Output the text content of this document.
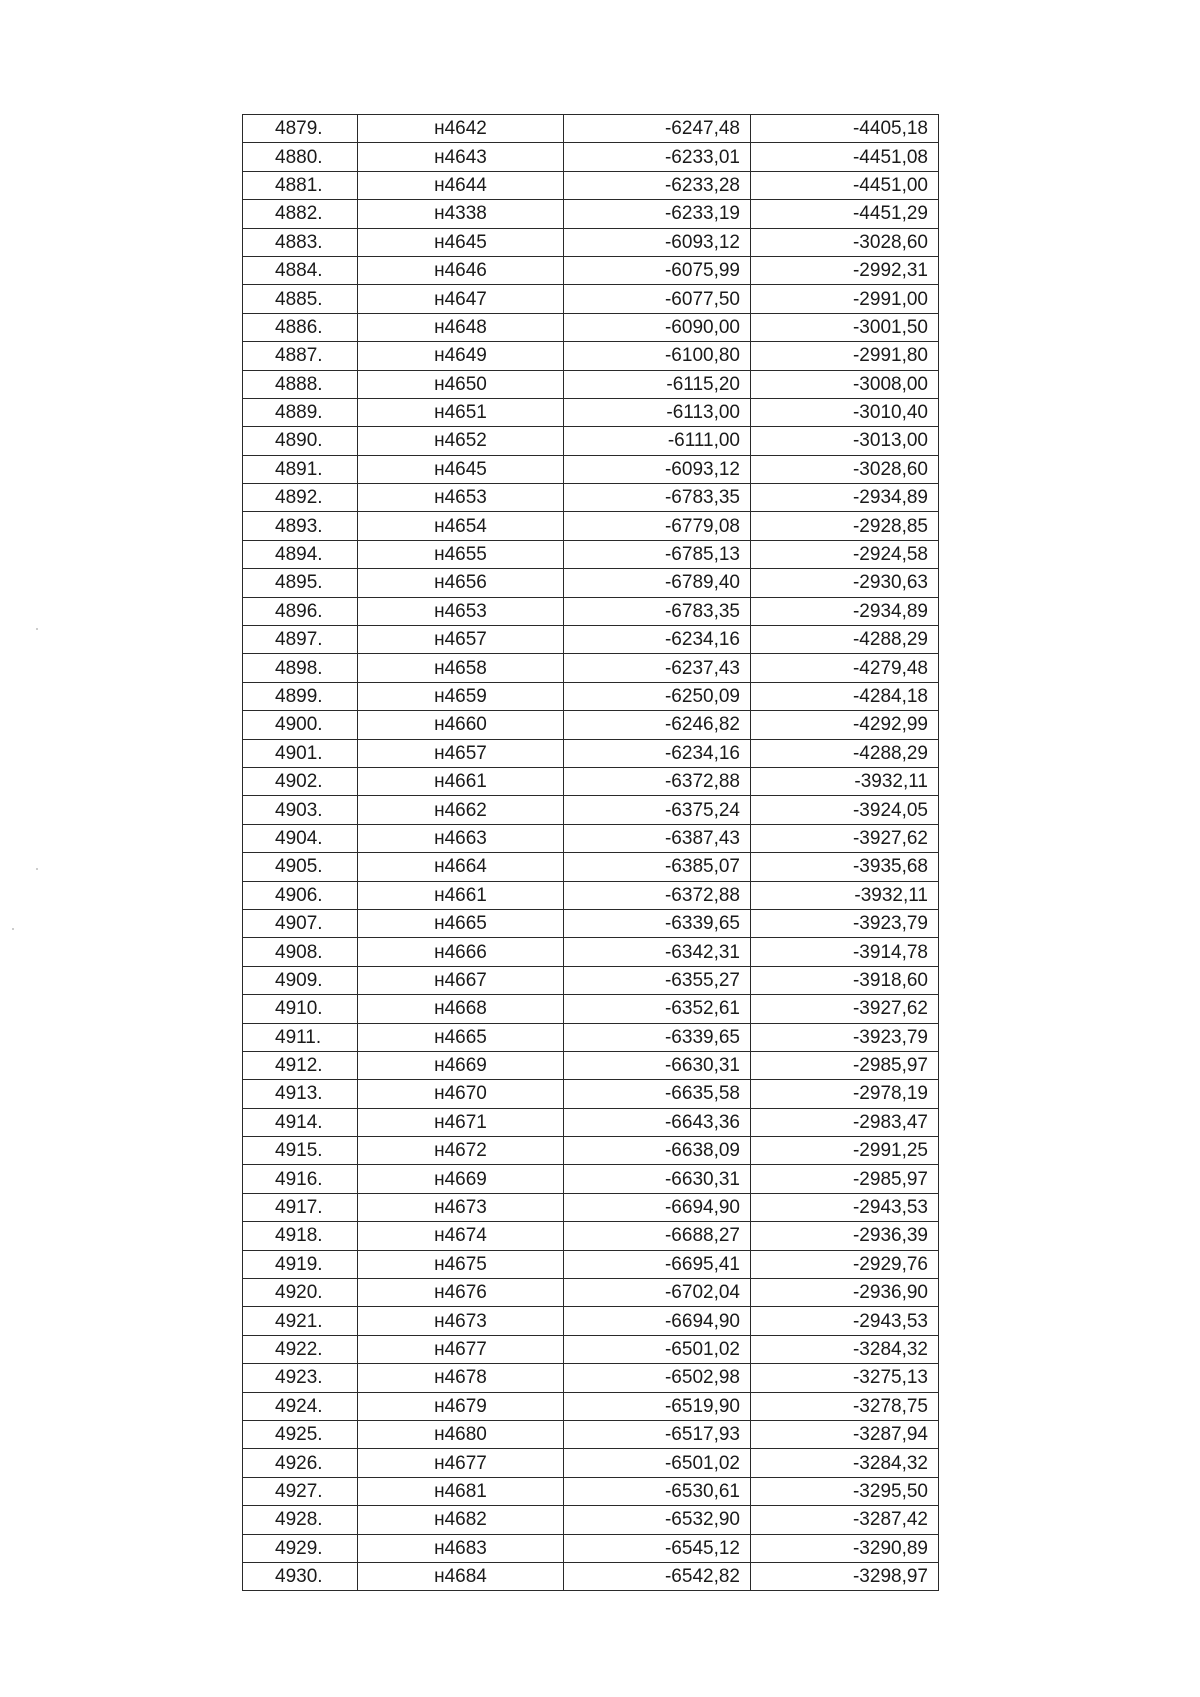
4879.	н4642	-6247,48	-4405,18
4880.	н4643	-6233,01	-4451,08
4881.	н4644	-6233,28	-4451,00
4882.	н4338	-6233,19	-4451,29
4883.	н4645	-6093,12	-3028,60
4884.	н4646	-6075,99	-2992,31
4885.	н4647	-6077,50	-2991,00
4886.	н4648	-6090,00	-3001,50
4887.	н4649	-6100,80	-2991,80
4888.	н4650	-6115,20	-3008,00
4889.	н4651	-6113,00	-3010,40
4890.	н4652	-6111,00	-3013,00
4891.	н4645	-6093,12	-3028,60
4892.	н4653	-6783,35	-2934,89
4893.	н4654	-6779,08	-2928,85
4894.	н4655	-6785,13	-2924,58
4895.	н4656	-6789,40	-2930,63
4896.	н4653	-6783,35	-2934,89
4897.	н4657	-6234,16	-4288,29
4898.	н4658	-6237,43	-4279,48
4899.	н4659	-6250,09	-4284,18
4900.	н4660	-6246,82	-4292,99
4901.	н4657	-6234,16	-4288,29
4902.	н4661	-6372,88	-3932,11
4903.	н4662	-6375,24	-3924,05
4904.	н4663	-6387,43	-3927,62
4905.	н4664	-6385,07	-3935,68
4906.	н4661	-6372,88	-3932,11
4907.	н4665	-6339,65	-3923,79
4908.	н4666	-6342,31	-3914,78
4909.	н4667	-6355,27	-3918,60
4910.	н4668	-6352,61	-3927,62
4911.	н4665	-6339,65	-3923,79
4912.	н4669	-6630,31	-2985,97
4913.	н4670	-6635,58	-2978,19
4914.	н4671	-6643,36	-2983,47
4915.	н4672	-6638,09	-2991,25
4916.	н4669	-6630,31	-2985,97
4917.	н4673	-6694,90	-2943,53
4918.	н4674	-6688,27	-2936,39
4919.	н4675	-6695,41	-2929,76
4920.	н4676	-6702,04	-2936,90
4921.	н4673	-6694,90	-2943,53
4922.	н4677	-6501,02	-3284,32
4923.	н4678	-6502,98	-3275,13
4924.	н4679	-6519,90	-3278,75
4925.	н4680	-6517,93	-3287,94
4926.	н4677	-6501,02	-3284,32
4927.	н4681	-6530,61	-3295,50
4928.	н4682	-6532,90	-3287,42
4929.	н4683	-6545,12	-3290,89
4930.	н4684	-6542,82	-3298,97
